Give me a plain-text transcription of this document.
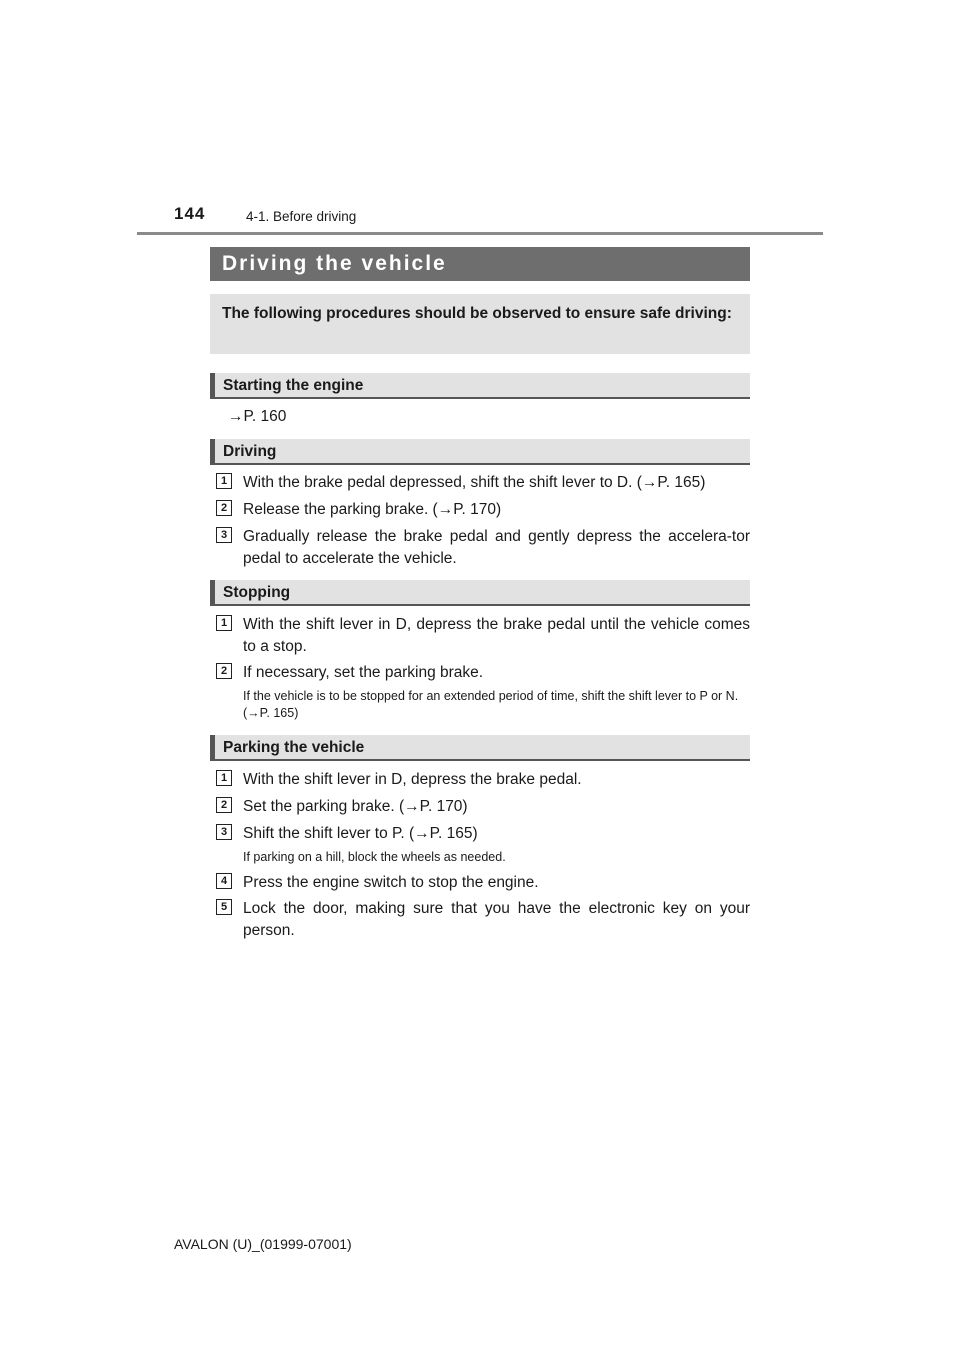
144	4-1. Before driving
Driving the vehicle
The following procedures should be observed to ensure safe driving:
Starting the engine
→P. 160
Driving
1	With the brake pedal depressed, shift the shift lever to D. (→P. 165)
2	Release the parking brake. (→P. 170)
3	Gradually release the brake pedal and gently depress the accelera-tor pedal to accelerate the vehicle.
Stopping
1	With the shift lever in D, depress the brake pedal until the vehicle comes to a stop.
2	If necessary, set the parking brake.
If the vehicle is to be stopped for an extended period of time, shift the shift lever to P or N. (→P. 165)
Parking the vehicle
1	With the shift lever in D, depress the brake pedal.
2	Set the parking brake. (→P. 170)
3	Shift the shift lever to P. (→P. 165)
If parking on a hill, block the wheels as needed.
4	Press the engine switch to stop the engine.
5	Lock the door, making sure that you have the electronic key on your person.
AVALON (U)_(01999-07001)
